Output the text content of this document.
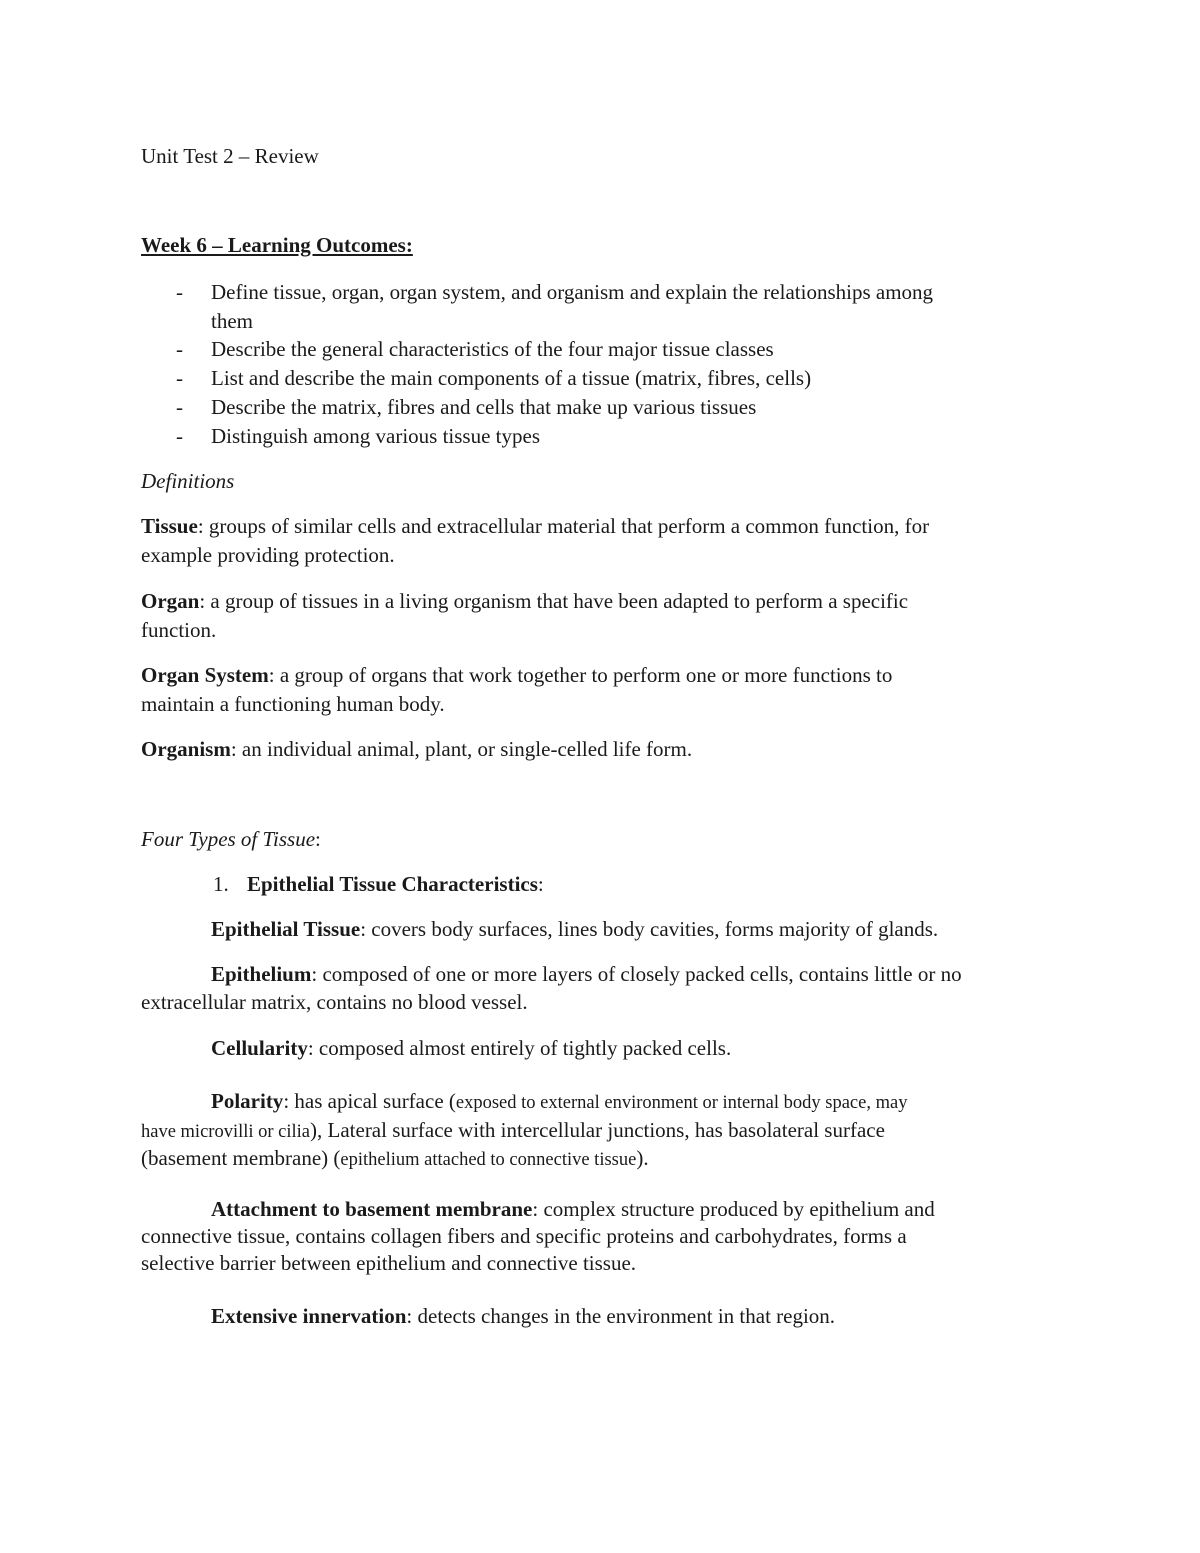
Unit Test 2 – Review
Week 6 – Learning Outcomes:
- Define tissue, organ, organ system, and organism and explain the relationships among
them
- Describe the general characteristics of the four major tissue classes
- List and describe the main components of a tissue (matrix, fibres, cells)
- Describe the matrix, fibres and cells that make up various tissues
- Distinguish among various tissue types
Definitions
Tissue: groups of similar cells and extracellular material that perform a common function, for
example providing protection.
Organ: a group of tissues in a living organism that have been adapted to perform a specific
function.
Organ System: a group of organs that work together to perform one or more functions to
maintain a functioning human body.
Organism: an individual animal, plant, or single-celled life form.
Four Types of Tissue:
1. Epithelial Tissue Characteristics:
Epithelial Tissue: covers body surfaces, lines body cavities, forms majority of glands.
Epithelium: composed of one or more layers of closely packed cells, contains little or no
extracellular matrix, contains no blood vessel.
Cellularity: composed almost entirely of tightly packed cells.
Polarity: has apical surface (exposed to external environment or internal body space, may
have microvilli or cilia), Lateral surface with intercellular junctions, has basolateral surface
(basement membrane) (epithelium attached to connective tissue).
Attachment to basement membrane: complex structure produced by epithelium and
connective tissue, contains collagen fibers and specific proteins and carbohydrates, forms a
selective barrier between epithelium and connective tissue.
Extensive innervation: detects changes in the environment in that region.
